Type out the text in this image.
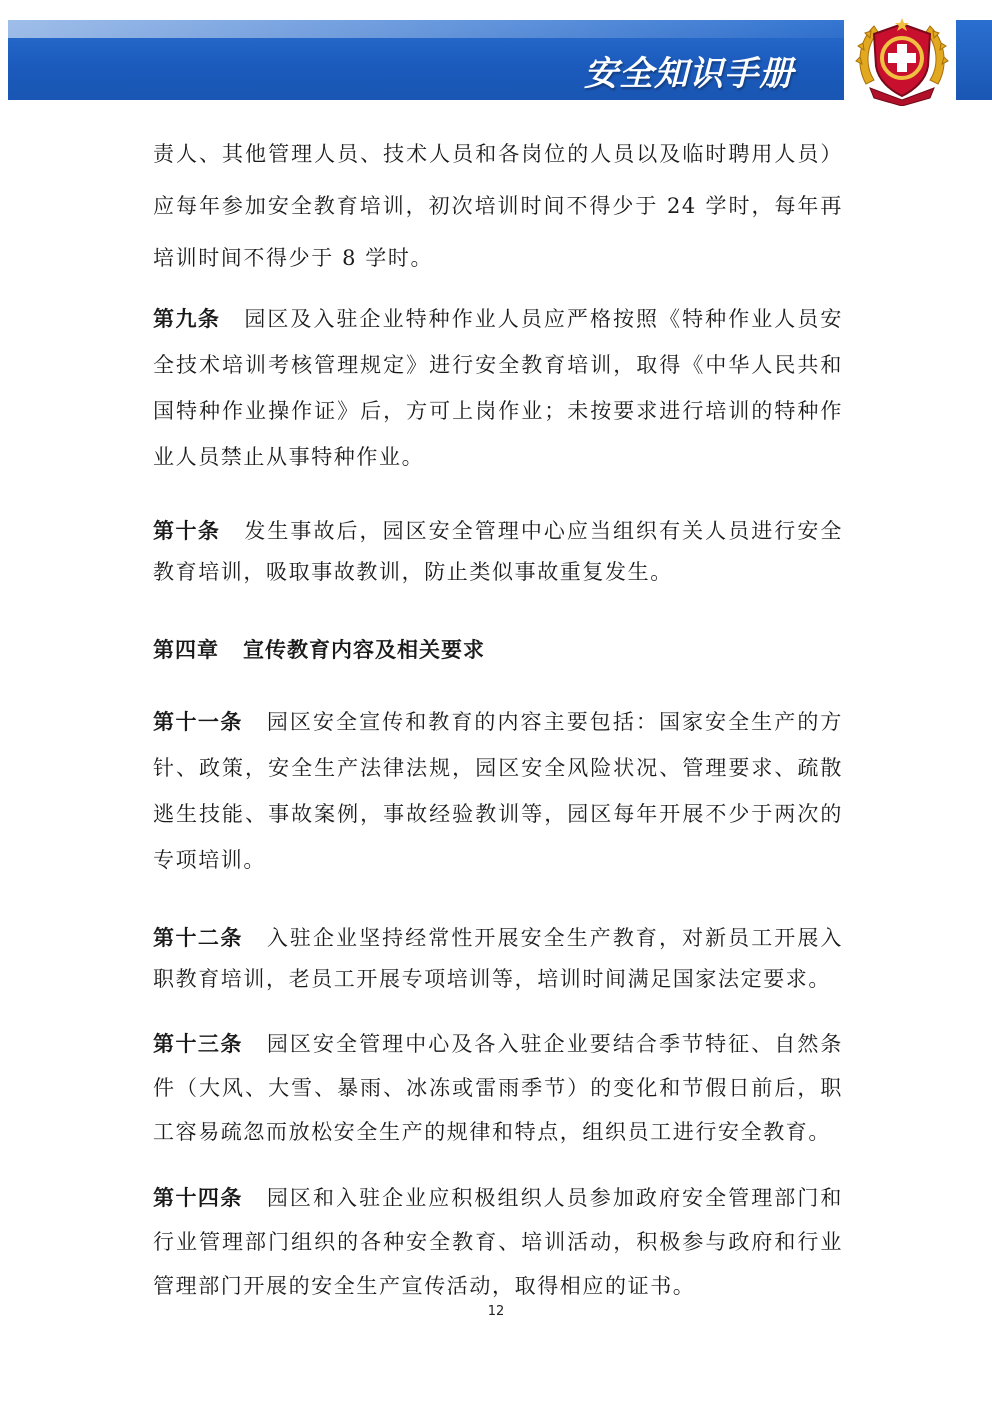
安全知识手册

责人、其他管理人员、技术人员和各岗位的人员以及临时聘用人员）应每年参加安全教育培训，初次培训时间不得少于 24 学时，每年再培训时间不得少于 8 学时。

第九条 园区及入驻企业特种作业人员应严格按照《特种作业人员安全技术培训考核管理规定》进行安全教育培训，取得《中华人民共和国特种作业操作证》后，方可上岗作业；未按要求进行培训的特种作业人员禁止从事特种作业。

第十条 发生事故后，园区安全管理中心应当组织有关人员进行安全教育培训，吸取事故教训，防止类似事故重复发生。

第四章 宣传教育内容及相关要求

第十一条 园区安全宣传和教育的内容主要包括：国家安全生产的方针、政策，安全生产法律法规，园区安全风险状况、管理要求、疏散逃生技能、事故案例，事故经验教训等，园区每年开展不少于两次的专项培训。

第十二条 入驻企业坚持经常性开展安全生产教育，对新员工开展入职教育培训，老员工开展专项培训等，培训时间满足国家法定要求。

第十三条 园区安全管理中心及各入驻企业要结合季节特征、自然条件（大风、大雪、暴雨、冰冻或雷雨季节）的变化和节假日前后，职工容易疏忽而放松安全生产的规律和特点，组织员工进行安全教育。

第十四条 园区和入驻企业应积极组织人员参加政府安全管理部门和行业管理部门组织的各种安全教育、培训活动，积极参与政府和行业管理部门开展的安全生产宣传活动，取得相应的证书。

12
